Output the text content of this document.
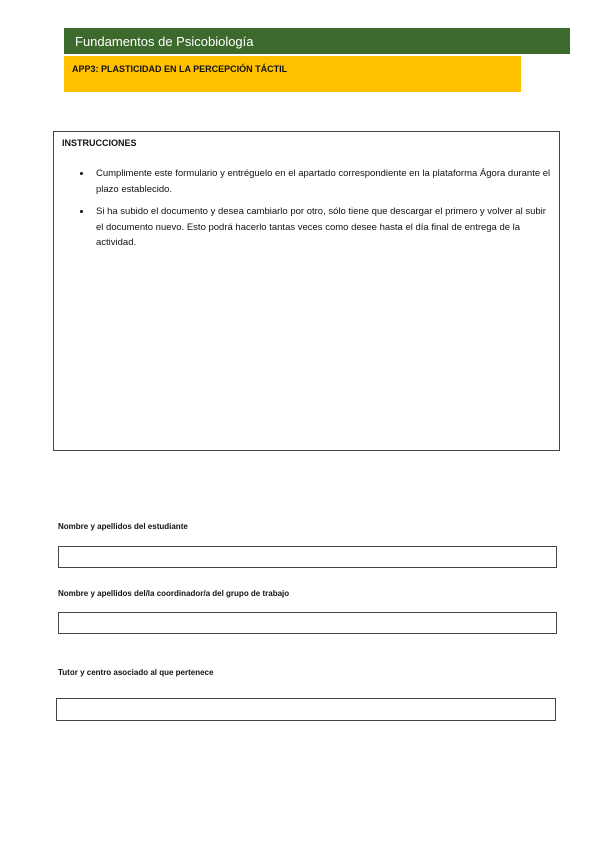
Fundamentos de Psicobiología
APP3: PLASTICIDAD EN LA PERCEPCIÓN TÁCTIL
INSTRUCCIONES
• Cumplimente este formulario y entréguelo en el apartado correspondiente en la plataforma Ágora durante el plazo establecido.
• Si ha subido el documento y desea cambiarlo por otro, sólo tiene que descargar el primero y volver al subir el documento nuevo. Esto podrá hacerlo tantas veces como desee hasta el día final de entrega de la actividad.
Nombre y apellidos del estudiante
Nombre y apellidos del/la coordinador/a del grupo de trabajo
Tutor y centro asociado al que pertenece
